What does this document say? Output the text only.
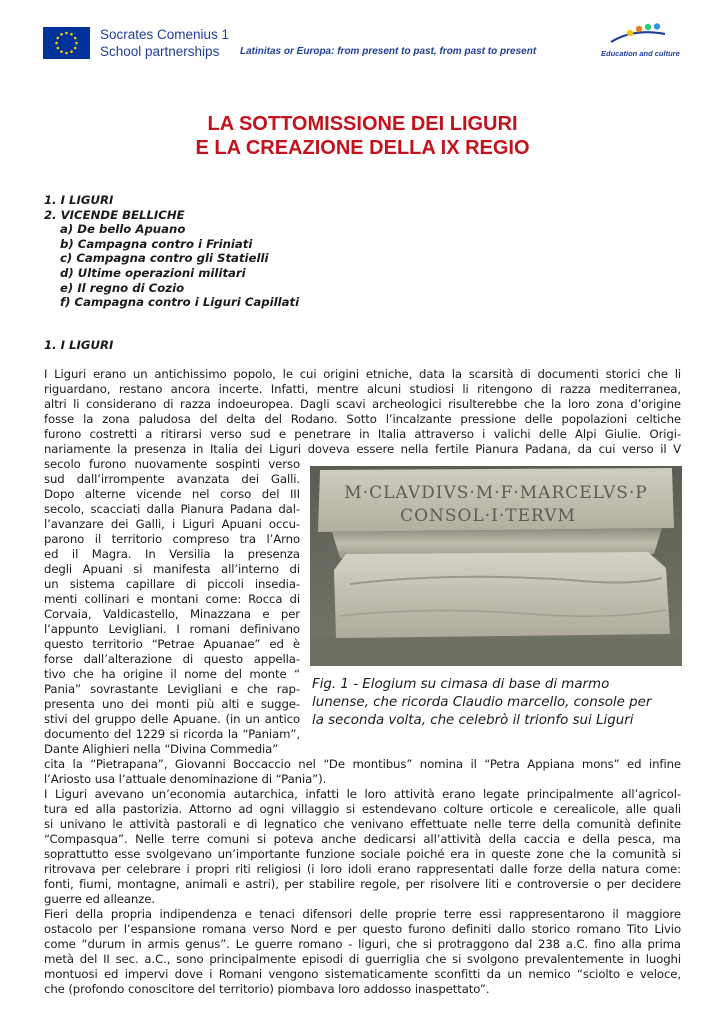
Socrates Comenius 1
School partnerships	Latinitas or Europa: from present to past, from past to present	Education and culture
LA SOTTOMISSIONE DEI LIGURI
E LA CREAZIONE DELLA IX REGIO
1. I LIGURI
2. VICENDE BELLICHE
a) De bello Apuano
b) Campagna contro i Friniati
c) Campagna contro gli Statielli
d) Ultime operazioni militari
e) Il regno di Cozio
f) Campagna contro i Liguri Capillati
1. I LIGURI
I Liguri erano un antichissimo popolo, le cui origini etniche, data la scarsità di documenti storici che li
riguardano, restano ancora incerte. Infatti, mentre alcuni studiosi li ritengono di razza mediterranea,
altri li considerano di razza indoeuropea. Dagli scavi archeologici risulterebbe che la loro zona d’origine
fosse la zona paludosa del delta del Rodano. Sotto l’incalzante pressione delle popolazioni celtiche
furono costretti a ritirarsi verso sud e penetrare in Italia attraverso i valichi delle Alpi Giulie. Origi-
nariamente la presenza in Italia dei Liguri doveva essere nella fertile Pianura Padana, da cui verso il V
secolo furono nuovamente sospinti verso
sud dall’irrompente avanzata dei Galli.
Dopo alterne vicende nel corso del III
secolo, scacciati dalla Pianura Padana dal-
l’avanzare dei Galli, i Liguri Apuani occu-
parono il territorio compreso tra l’Arno
ed il Magra. In Versilia la presenza
degli Apuani si manifesta all’interno di
un sistema capillare di piccoli insedia-
menti collinari e montani come: Rocca di
Corvaia, Valdicastello, Minazzana e per
l’appunto Levigliani. I romani definivano
questo territorio “Petrae Apuanae” ed è
forse dall’alterazione di questo appella-
tivo che ha origine il nome del monte “
Pania” sovrastante Levigliani e che rap-
presenta uno dei monti più alti e sugge-
stivi del gruppo delle Apuane. (in un antico
documento del 1229 si ricorda la “Paniam”,
Dante Alighieri nella “Divina Commedia”
cita la “Pietrapana”, Giovanni Boccaccio nel “De montibus” nomina il “Petra Appiana mons” ed infine
l’Ariosto usa l’attuale denominazione di “Pania”).
I Liguri avevano un’economia autarchica, infatti le loro attività erano legate principalmente all’agricol-
tura ed alla pastorizia. Attorno ad ogni villaggio si estendevano colture orticole e cerealicole, alle quali
si univano le attività pastorali e di legnatico che venivano effettuate nelle terre della comunità definite
“Compasqua”. Nelle terre comuni si poteva anche dedicarsi all’attività della caccia e della pesca, ma
soprattutto esse svolgevano un’importante funzione sociale poiché era in queste zone che la comunità si
ritrovava per celebrare i propri riti religiosi (i loro idoli erano rappresentati dalle forze della natura come:
fonti, fiumi, montagne, animali e astri), per stabilire regole, per risolvere liti e controversie o per decidere
guerre ed alleanze.
Fieri della propria indipendenza e tenaci difensori delle proprie terre essi rappresentarono il maggiore
ostacolo per l’espansione romana verso Nord e per questo furono definiti dallo storico romano Tito Livio
come “durum in armis genus”. Le guerre romano - liguri, che si protraggono dal 238 a.C. fino alla prima
metà del II sec. a.C., sono principalmente episodi di guerriglia che si svolgono prevalentemente in luoghi
montuosi ed impervi dove i Romani vengono sistematicamente sconfitti da un nemico “sciolto e veloce,
che (profondo conoscitore del territorio) piombava loro addosso inaspettato”.
M·CLAVDIVS·M·F·MARCELVS·P
CONSOL·I·TERVM
Fig. 1 - Elogium su cimasa di base di marmo
lunense, che ricorda Claudio marcello, console per
la seconda volta, che celebrò il trionfo sui Liguri
